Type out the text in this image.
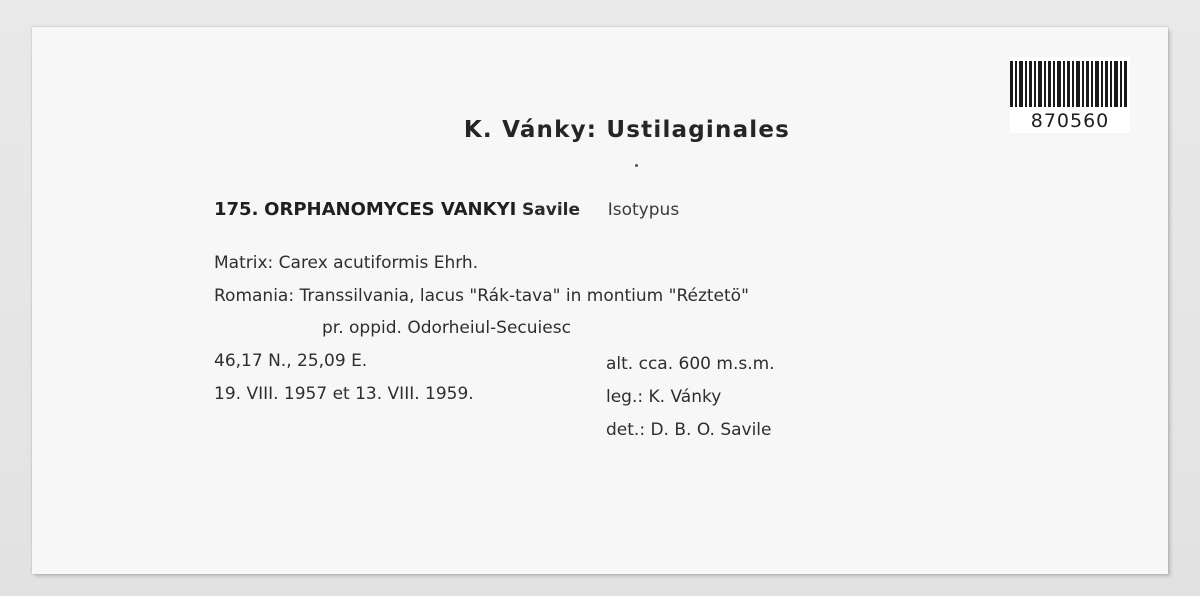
870560
K. Vánky: Ustilaginales
175. ORPHANOMYCES VANKYI Savile Isotypus
Matrix: Carex acutiformis Ehrh.
Romania: Transsilvania, lacus "Rák-tava" in montium "Réztetö"
pr. oppid. Odorheiul-Secuiesc
46,17 N., 25,09 E.	alt. cca. 600 m.s.m.
19. VIII. 1957 et 13. VIII. 1959.	leg.: K. Vánky
det.: D. B. O. Savile
